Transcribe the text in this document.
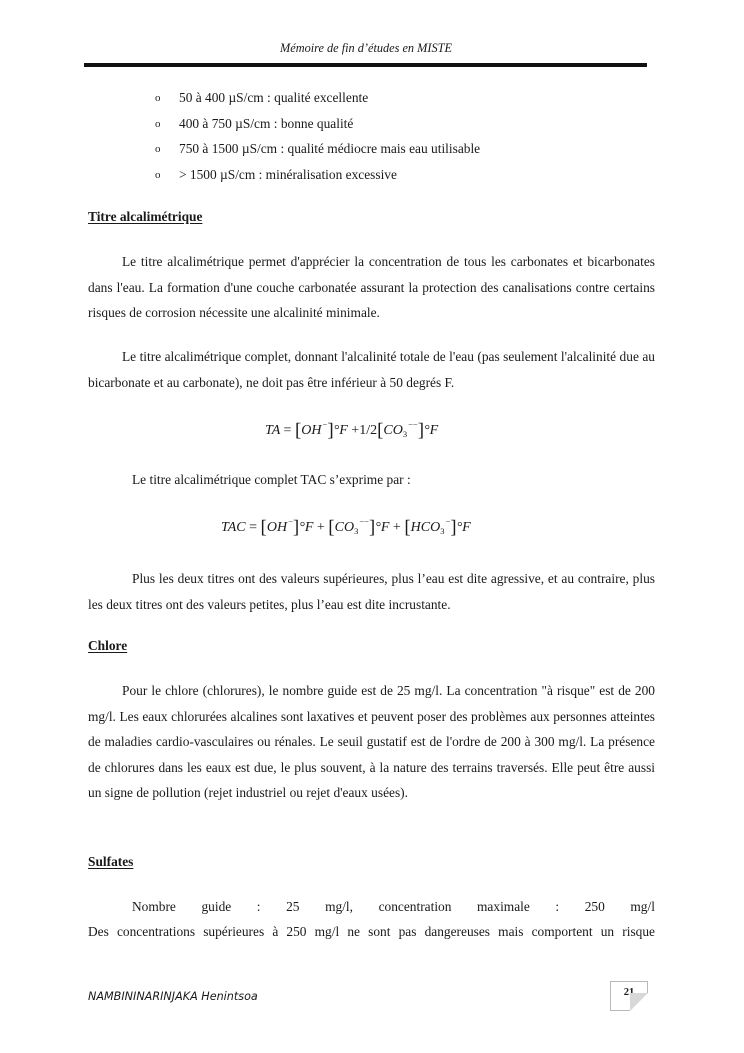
Mémoire de fin d’études en MISTE
o 50 à 400 µS/cm : qualité excellente
o 400 à 750 µS/cm : bonne qualité
o 750 à 1500 µS/cm : qualité médiocre mais eau utilisable
o > 1500 µS/cm : minéralisation excessive
Titre alcalimétrique

Le titre alcalimétrique permet d'apprécier la concentration de tous les carbonates et bicarbonates dans l'eau. La formation d'une couche carbonatée assurant la protection des canalisations contre certains risques de corrosion nécessite une alcalinité minimale.

Le titre alcalimétrique complet, donnant l'alcalinité totale de l'eau (pas seulement l'alcalinité due au bicarbonate et au carbonate), ne doit pas être inférieur à 50 degrés F.

TA = $[OH^-]^\circ F +1/2[CO_3^{--}]^\circ F$
Le titre alcalimétrique complet TAC s’exprime par :
TAC = $[OH^-]^\circ F + [CO_3^{--}]^\circ F + [HCO_3^-]^\circ F$

Plus les deux titres ont des valeurs supérieures, plus l’eau est dite agressive, et au contraire, plus les deux titres ont des valeurs petites, plus l’eau est dite incrustante.

Chlore

Pour le chlore (chlorures), le nombre guide est de 25 mg/l. La concentration "à risque" est de 200 mg/l. Les eaux chlorurées alcalines sont laxatives et peuvent poser des problèmes aux personnes atteintes de maladies cardio-vasculaires ou rénales. Le seuil gustatif est de l'ordre de 200 à 300 mg/l. La présence de chlorures dans les eaux est due, le plus souvent, à la nature des terrains traversés. Elle peut être aussi un signe de pollution (rejet industriel ou rejet d'eaux usées).

Sulfates
Nombre guide : 25 mg/l, concentration maximale : 250 mg/l
Des concentrations supérieures à 250 mg/l ne sont pas dangereuses mais comportent un risque
NAMBININARINJAKA Henintsoa	21
